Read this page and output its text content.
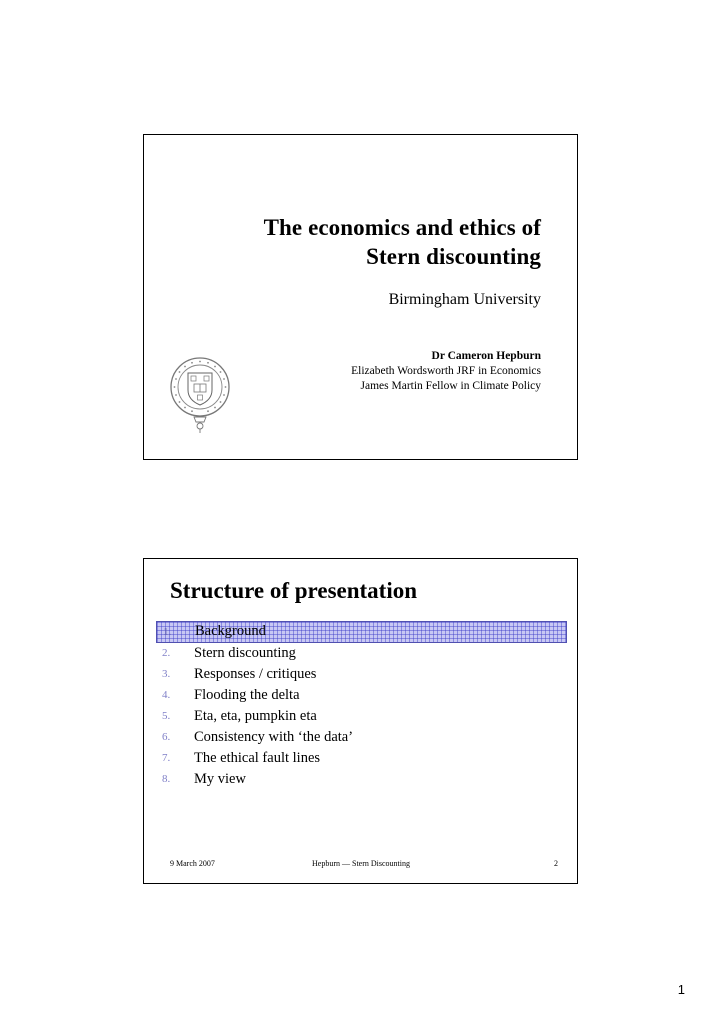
The economics and ethics of
Stern discounting
Birmingham University
Dr Cameron Hepburn
Elizabeth Wordsworth JRF in Economics
James Martin Fellow in Climate Policy
Structure of presentation
1.	Background
2.	Stern discounting
3.	Responses / critiques
4.	Flooding the delta
5.	Eta, eta, pumpkin eta
6.	Consistency with ‘the data’
7.	The ethical fault lines
8.	My view
9 March 2007	Hepburn — Stern Discounting	2
1
